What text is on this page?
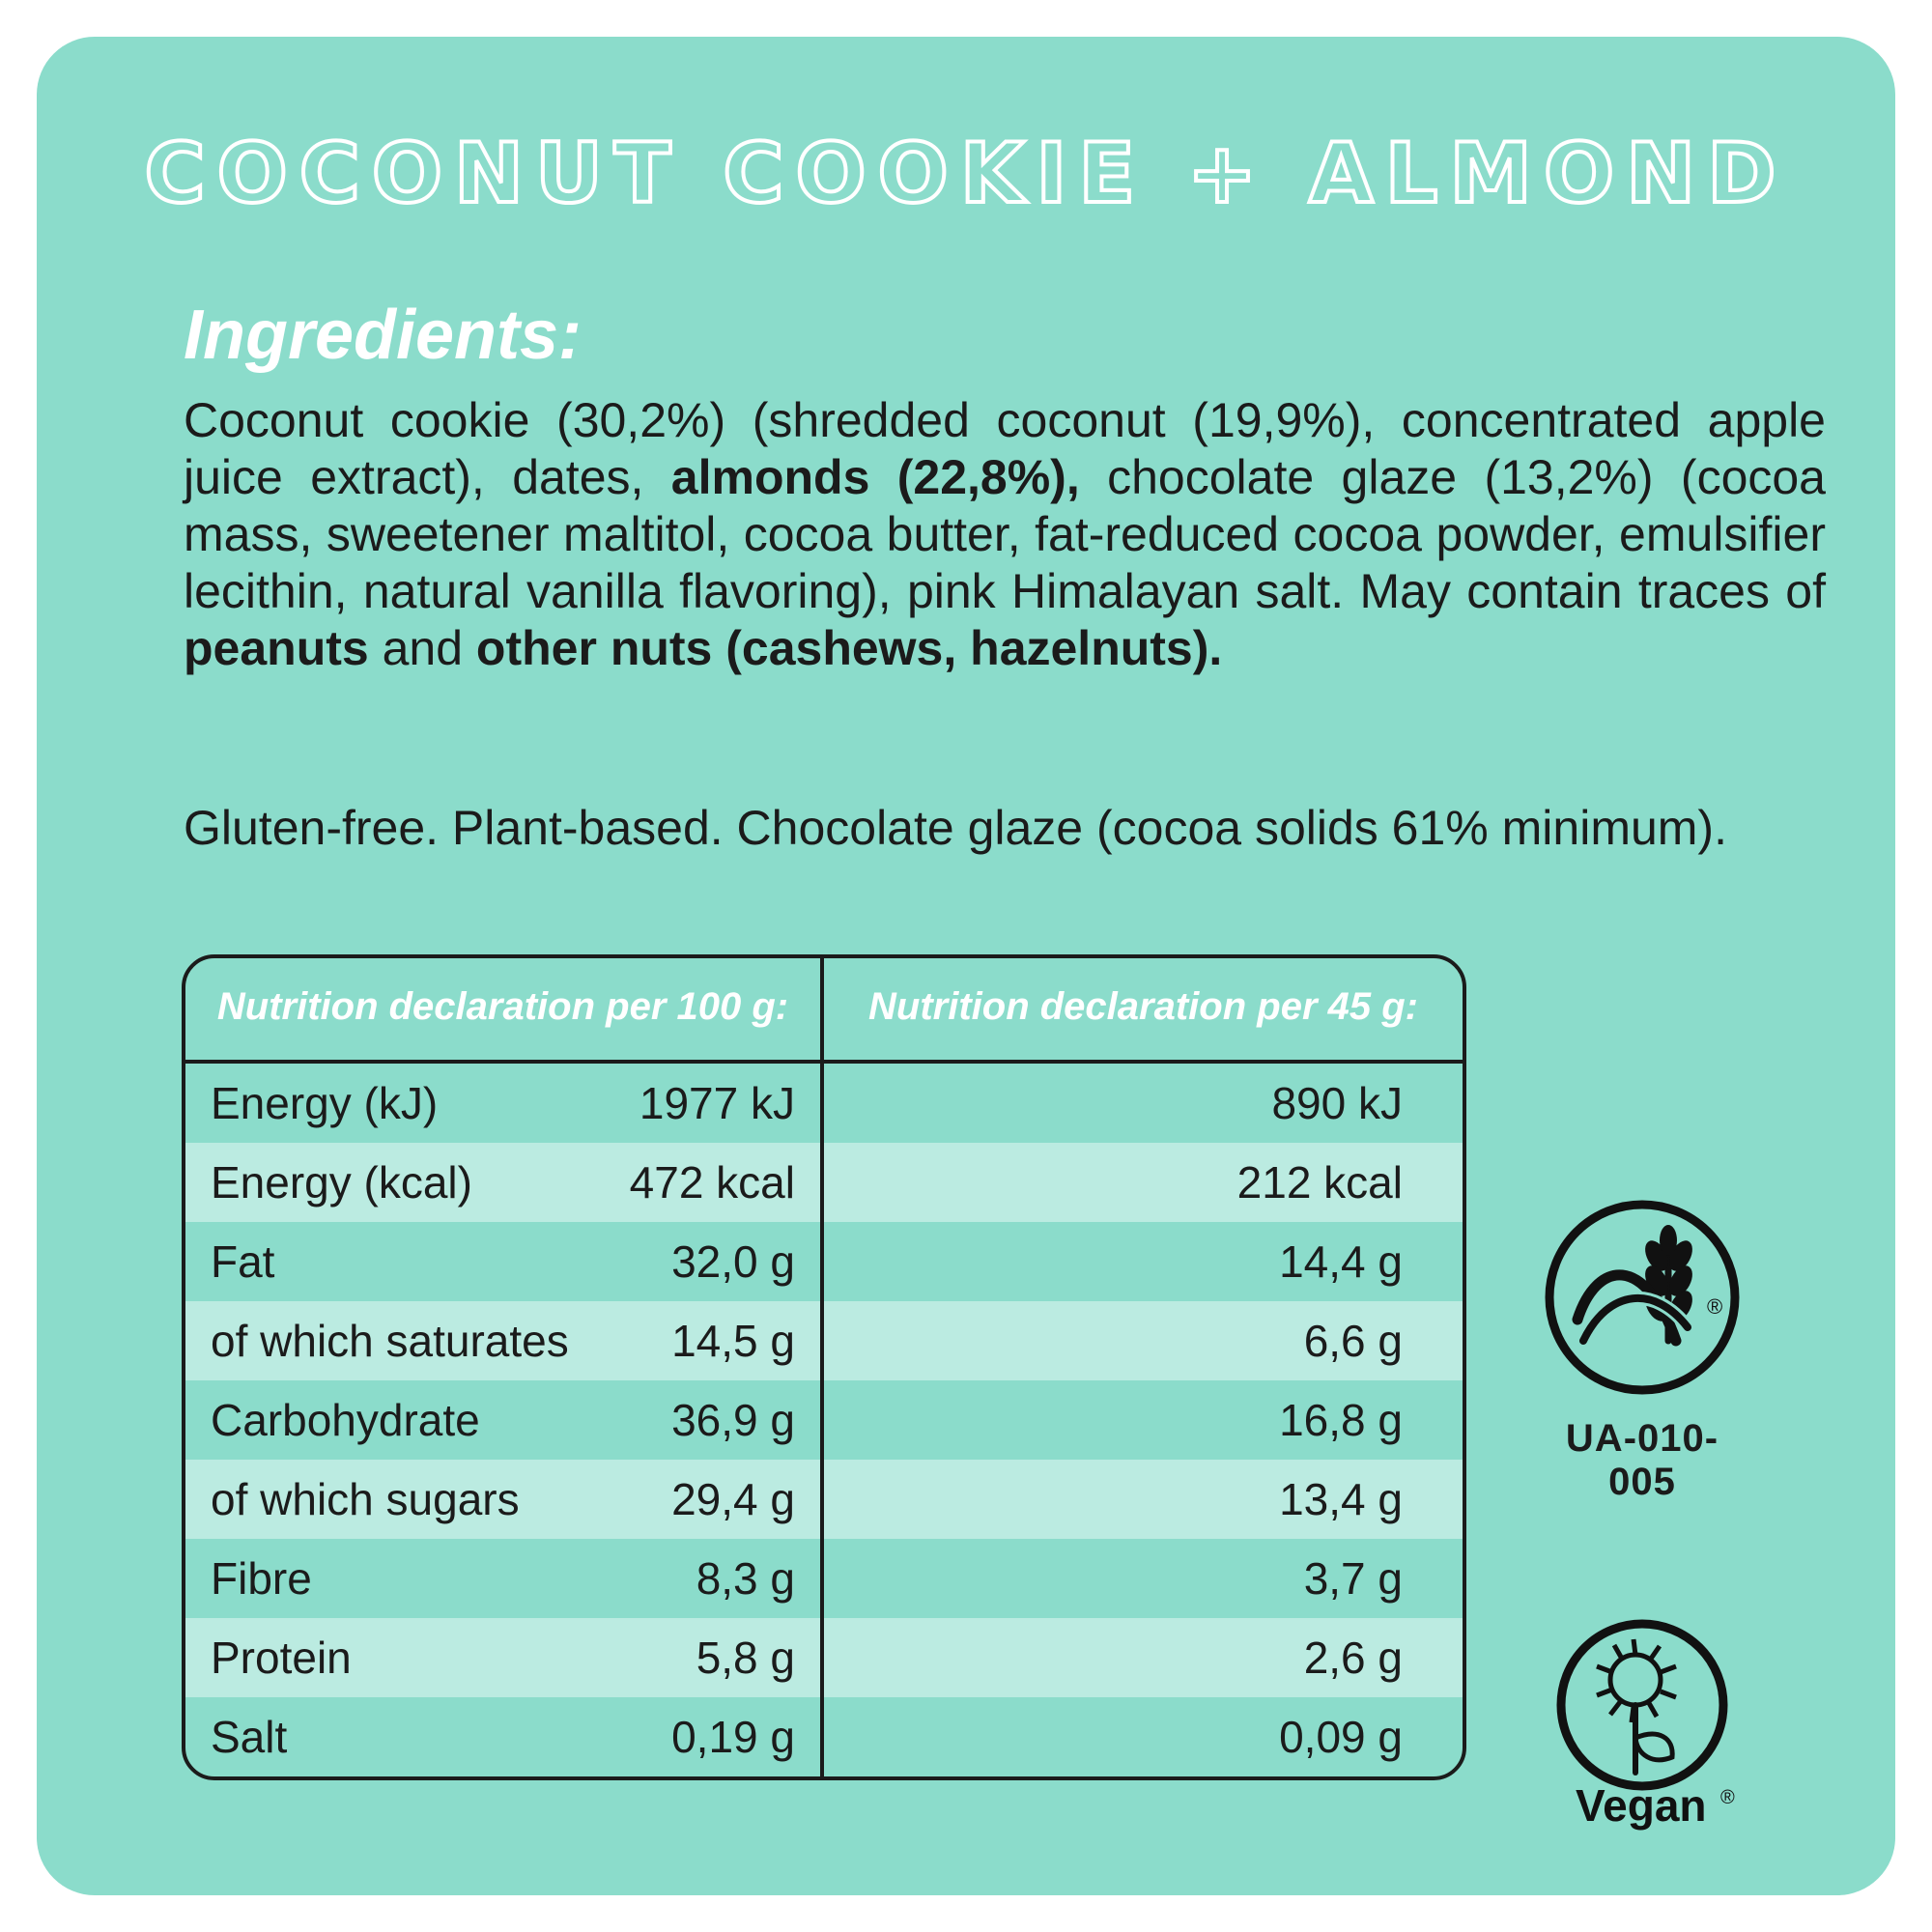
COCONUT COOKIE + ALMOND
Ingredients:
Coconut cookie (30,2%) (shredded coconut (19,9%), concentrated apple juice extract), dates, almonds (22,8%), chocolate glaze (13,2%) (cocoa mass, sweetener maltitol, cocoa butter, fat-reduced cocoa powder, emulsifier lecithin, natural vanilla flavoring), pink Himalayan salt. May contain traces of peanuts and other nuts (cashews, hazelnuts).
Gluten-free. Plant-based. Chocolate glaze (cocoa solids 61% minimum).
Nutrition declaration per 100 g:	Nutrition declaration per 45 g:
Energy (kJ)	1977 kJ	890 kJ
Energy (kcal)	472 kcal	212 kcal
Fat	32,0 g	14,4 g
of which saturates 14,5 g	6,6 g
Carbohydrate	36,9 g	16,8 g
of which sugars	29,4 g	13,4 g
Fibre	8,3 g	3,7 g
Protein	5,8 g	2,6 g
Salt	0,19 g	0,09 g
®
UA-010-005
Vegan ®
